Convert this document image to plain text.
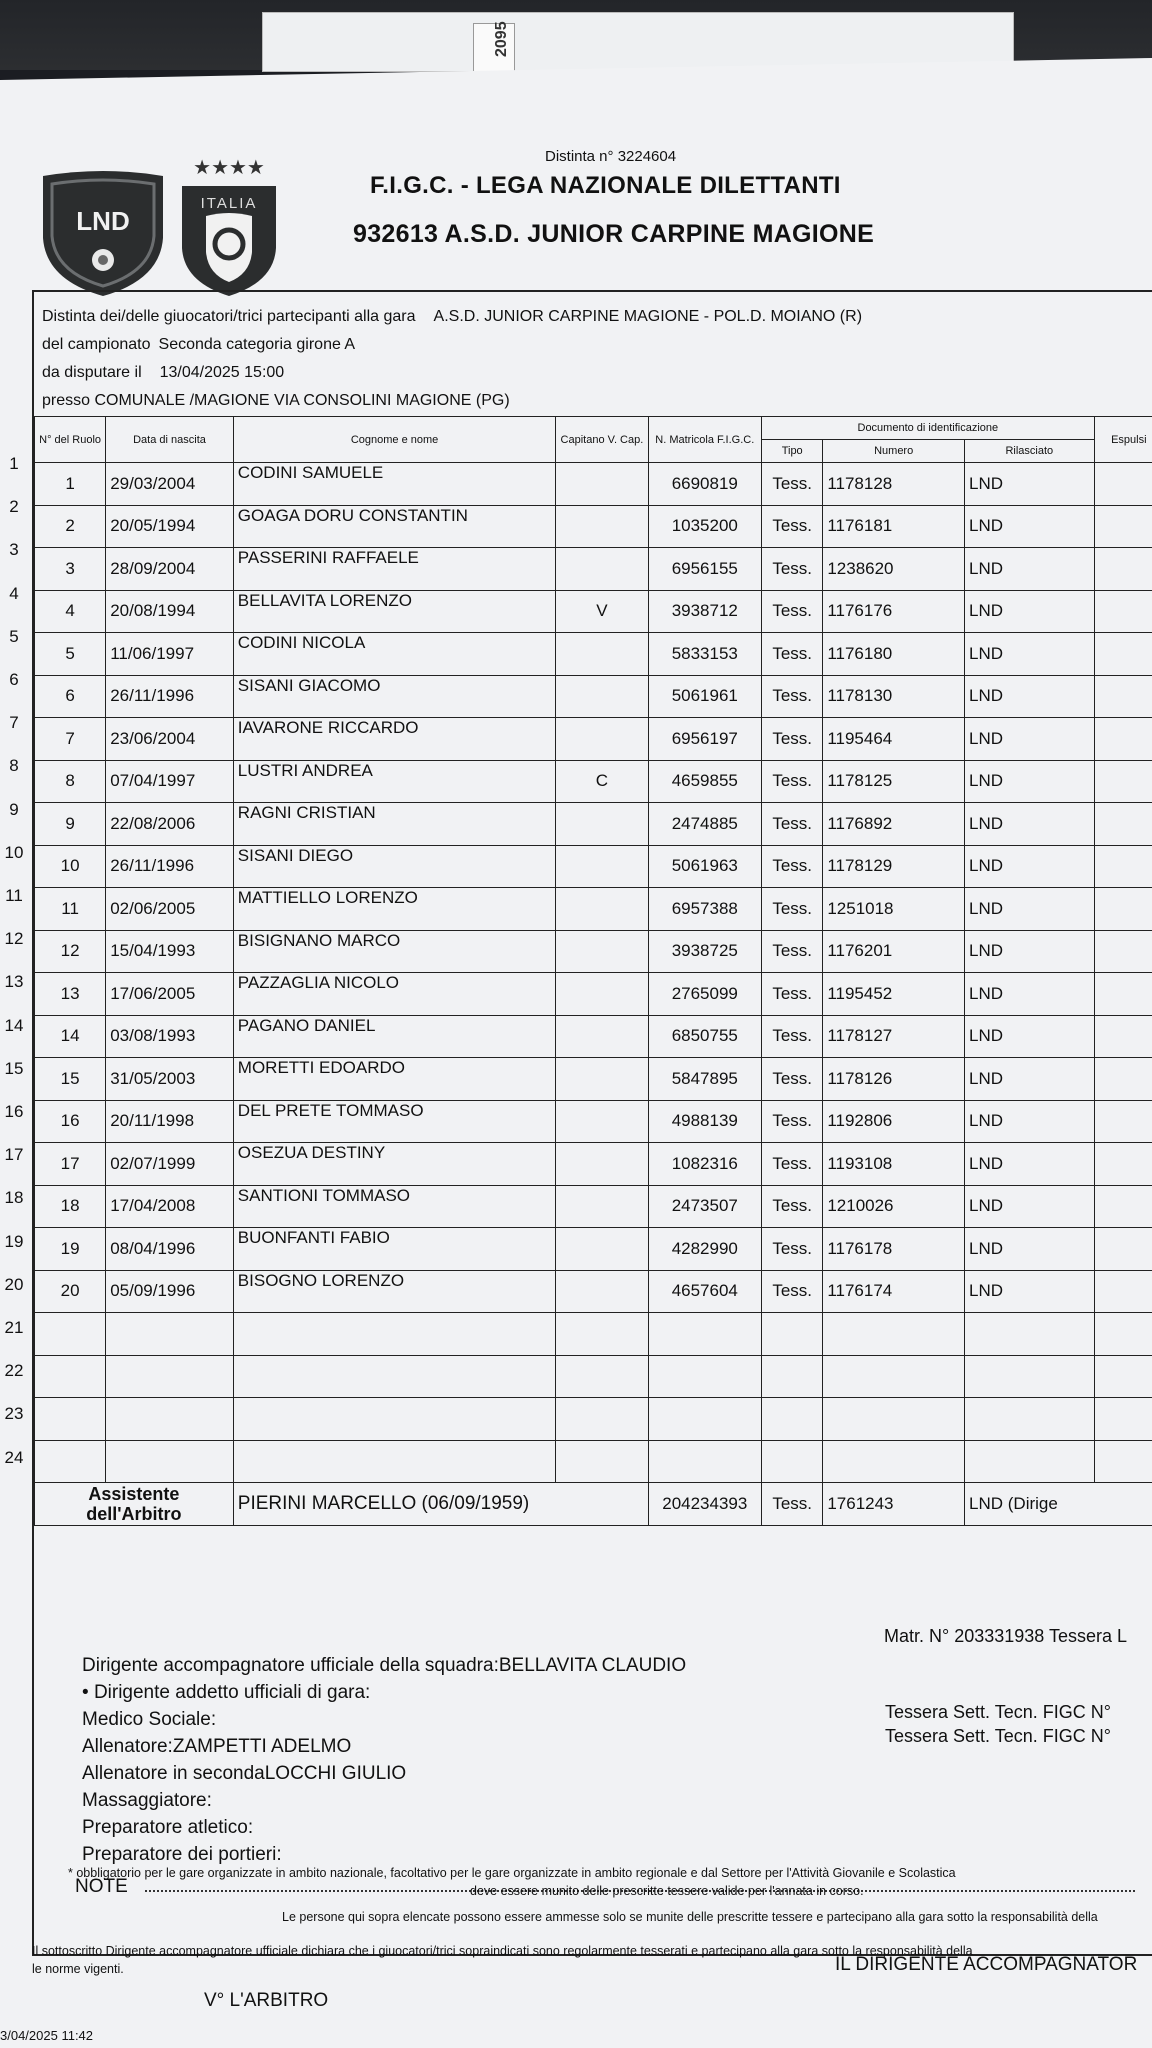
2095
LND
★★★★
ITALIA
Distinta n° 3224604
F.I.G.C. - LEGA NAZIONALE DILETTANTI
932613 A.S.D. JUNIOR CARPINE MAGIONE
Distinta dei/delle giuocatori/trici partecipanti alla gara A.S.D. JUNIOR CARPINE MAGIONE - POL.D. MOIANO (R)
del campionato Seconda categoria girone A
da disputare il 13/04/2025 15:00
presso COMUNALE /MAGIONE VIA CONSOLINI MAGIONE (PG)
N° del Ruolo	Data di nascita	Cognome e nome	Capitano V. Cap.	N. Matricola F.I.G.C.	Documento di identificazione			Espulsi
					Tipo	Numero	Rilasciato	
1	29/03/2004	CODINI SAMUELE		6690819	Tess.	1178128	LND	
2	20/05/1994	GOAGA DORU CONSTANTIN		1035200	Tess.	1176181	LND	
3	28/09/2004	PASSERINI RAFFAELE		6956155	Tess.	1238620	LND	
4	20/08/1994	BELLAVITA LORENZO	V	3938712	Tess.	1176176	LND	
5	11/06/1997	CODINI NICOLA		5833153	Tess.	1176180	LND	
6	26/11/1996	SISANI GIACOMO		5061961	Tess.	1178130	LND	
7	23/06/2004	IAVARONE RICCARDO		6956197	Tess.	1195464	LND	
8	07/04/1997	LUSTRI ANDREA	C	4659855	Tess.	1178125	LND	
9	22/08/2006	RAGNI CRISTIAN		2474885	Tess.	1176892	LND	
10	26/11/1996	SISANI DIEGO		5061963	Tess.	1178129	LND	
11	02/06/2005	MATTIELLO LORENZO		6957388	Tess.	1251018	LND	
12	15/04/1993	BISIGNANO MARCO		3938725	Tess.	1176201	LND	
13	17/06/2005	PAZZAGLIA NICOLO		2765099	Tess.	1195452	LND	
14	03/08/1993	PAGANO DANIEL		6850755	Tess.	1178127	LND	
15	31/05/2003	MORETTI EDOARDO		5847895	Tess.	1178126	LND	
16	20/11/1998	DEL PRETE TOMMASO		4988139	Tess.	1192806	LND	
17	02/07/1999	OSEZUA DESTINY		1082316	Tess.	1193108	LND	
18	17/04/2008	SANTIONI TOMMASO		2473507	Tess.	1210026	LND	
19	08/04/1996	BUONFANTI FABIO		4282990	Tess.	1176178	LND	
20	05/09/1996	BISOGNO LORENZO		4657604	Tess.	1176174	LND	

Assistente dell'Arbitro		PIERINI MARCELLO (06/09/1959)		204234393	Tess.	1761243	LND (Dirige	
1
2
3
4
5
6
7
8
9
10
11
12
13
14
15
16
17
18
19
20
21
22
23
24
Dirigente accompagnatore ufficiale della squadra:BELLAVITA CLAUDIO
• Dirigente addetto ufficiali di gara:
Medico Sociale:
Allenatore:ZAMPETTI ADELMO
Allenatore in secondaLOCCHI GIULIO
Massaggiatore:
Preparatore atletico:
Preparatore dei portieri:
Matr. N° 203331938 Tessera L
Tessera Sett. Tecn. FIGC N°
Tessera Sett. Tecn. FIGC N°
NOTE
* obbligatorio per le gare organizzate in ambito nazionale, facoltativo per le gare organizzate in ambito regionale e dal Settore per l'Attività Giovanile e Scolastica
deve essere munito delle prescritte tessere valide per l'annata in corso.
Le persone qui sopra elencate possono essere ammesse solo se munite delle prescritte tessere e partecipano alla gara sotto la responsabilità della
Il sottoscritto Dirigente accompagnatore ufficiale dichiara che i giuocatori/trici sopraindicati sono regolarmente tesserati e partecipano alla gara sotto la responsabilità della
le norme vigenti.
V° L'ARBITRO
IL DIRIGENTE ACCOMPAGNATOR
3/04/2025 11:42
